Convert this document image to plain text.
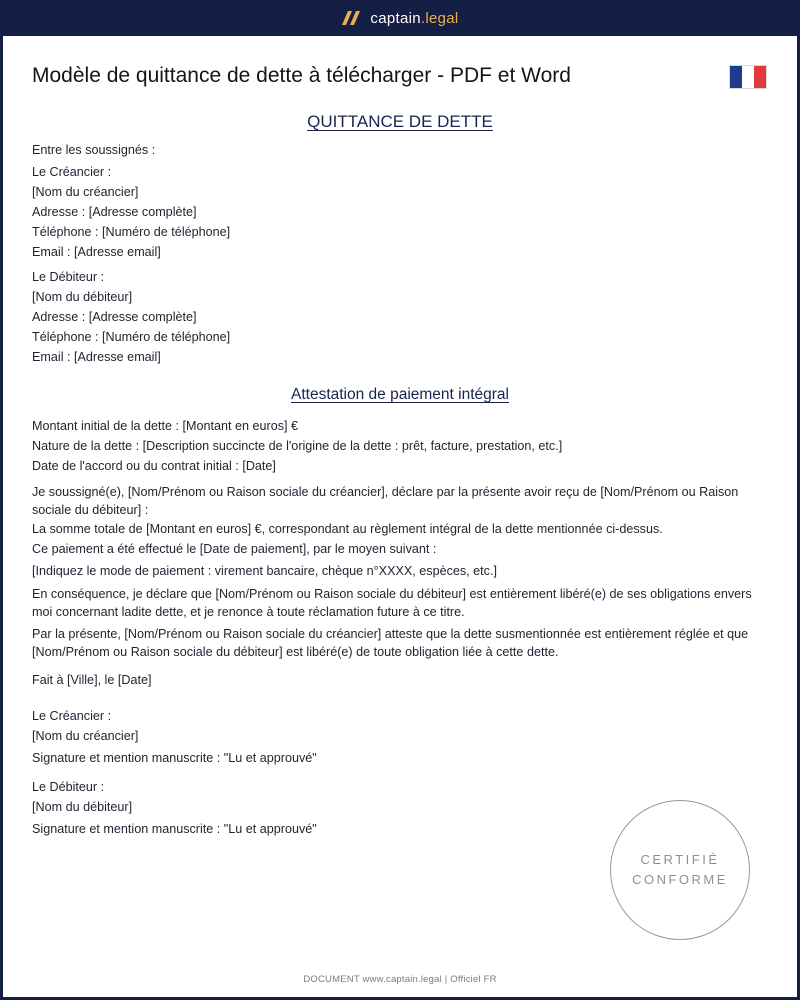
captain.legal
Modèle de quittance de dette à télécharger - PDF et Word
QUITTANCE DE DETTE
Entre les soussignés :
Le Créancier :
[Nom du créancier]
Adresse : [Adresse complète]
Téléphone : [Numéro de téléphone]
Email : [Adresse email]
Le Débiteur :
[Nom du débiteur]
Adresse : [Adresse complète]
Téléphone : [Numéro de téléphone]
Email : [Adresse email]
Attestation de paiement intégral
Montant initial de la dette : [Montant en euros] €
Nature de la dette : [Description succincte de l'origine de la dette : prêt, facture, prestation, etc.]
Date de l'accord ou du contrat initial : [Date]
Je soussigné(e), [Nom/Prénom ou Raison sociale du créancier], déclare par la présente avoir reçu de [Nom/Prénom ou Raison sociale du débiteur] :
La somme totale de [Montant en euros] €, correspondant au règlement intégral de la dette mentionnée ci-dessus.
Ce paiement a été effectué le [Date de paiement], par le moyen suivant :
[Indiquez le mode de paiement : virement bancaire, chèque n°XXXX, espèces, etc.]
En conséquence, je déclare que [Nom/Prénom ou Raison sociale du débiteur] est entièrement libéré(e) de ses obligations envers moi concernant ladite dette, et je renonce à toute réclamation future à ce titre.
Par la présente, [Nom/Prénom ou Raison sociale du créancier] atteste que la dette susmentionnée est entièrement réglée et que [Nom/Prénom ou Raison sociale du débiteur] est libéré(e) de toute obligation liée à cette dette.
Fait à [Ville], le [Date]
Le Créancier :
[Nom du créancier]
Signature et mention manuscrite : "Lu et approuvé"
Le Débiteur :
[Nom du débiteur]
Signature et mention manuscrite : "Lu et approuvé"
CERTIFIÉ
CONFORME
DOCUMENT www.captain.legal | Officiel FR
